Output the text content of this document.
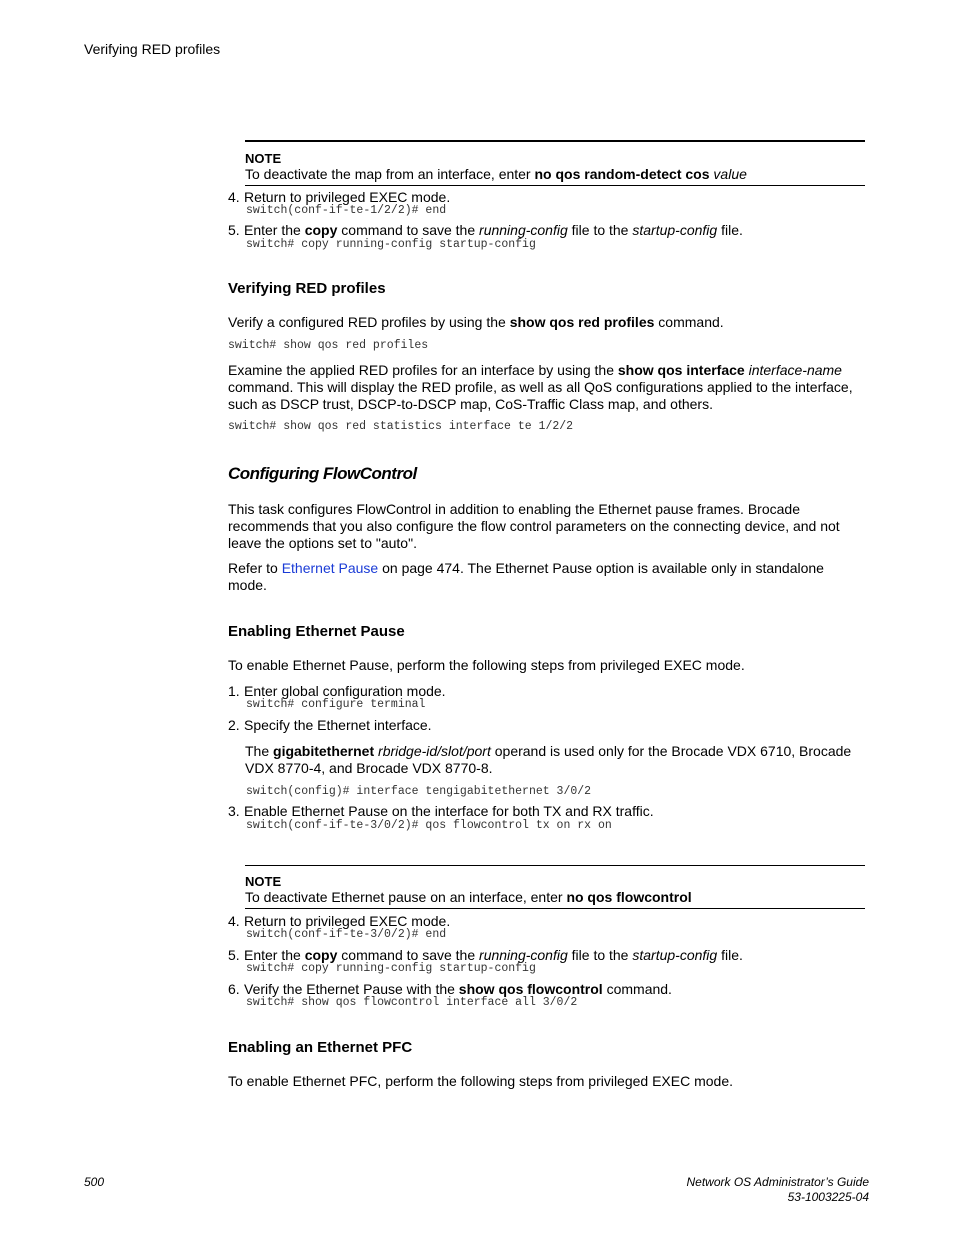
Verifying RED profiles
NOTE
To deactivate the map from an interface, enter no qos random-detect cos value
4. Return to privileged EXEC mode.
switch(conf-if-te-1/2/2)# end
5. Enter the copy command to save the running-config file to the startup-config file.
switch# copy running-config startup-config
Verifying RED profiles
Verify a configured RED profiles by using the show qos red profiles command.
switch# show qos red profiles
Examine the applied RED profiles for an interface by using the show qos interface interface-name
command. This will display the RED profile, as well as all QoS configurations applied to the interface,
such as DSCP trust, DSCP-to-DSCP map, CoS-Traffic Class map, and others.
switch# show qos red statistics interface te 1/2/2
Configuring FlowControl
This task configures FlowControl in addition to enabling the Ethernet pause frames. Brocade
recommends that you also configure the flow control parameters on the connecting device, and not
leave the options set to "auto".
Refer to Ethernet Pause on page 474. The Ethernet Pause option is available only in standalone
mode.
Enabling Ethernet Pause
To enable Ethernet Pause, perform the following steps from privileged EXEC mode.
1. Enter global configuration mode.
switch# configure terminal
2. Specify the Ethernet interface.
The gigabitethernet rbridge-id/slot/port operand is used only for the Brocade VDX 6710, Brocade
VDX 8770-4, and Brocade VDX 8770-8.
switch(config)# interface tengigabitethernet 3/0/2
3. Enable Ethernet Pause on the interface for both TX and RX traffic.
switch(conf-if-te-3/0/2)# qos flowcontrol tx on rx on
NOTE
To deactivate Ethernet pause on an interface, enter no qos flowcontrol
4. Return to privileged EXEC mode.
switch(conf-if-te-3/0/2)# end
5. Enter the copy command to save the running-config file to the startup-config file.
switch# copy running-config startup-config
6. Verify the Ethernet Pause with the show qos flowcontrol command.
switch# show qos flowcontrol interface all 3/0/2
Enabling an Ethernet PFC
To enable Ethernet PFC, perform the following steps from privileged EXEC mode.
500	Network OS Administrator’s Guide
53-1003225-04
